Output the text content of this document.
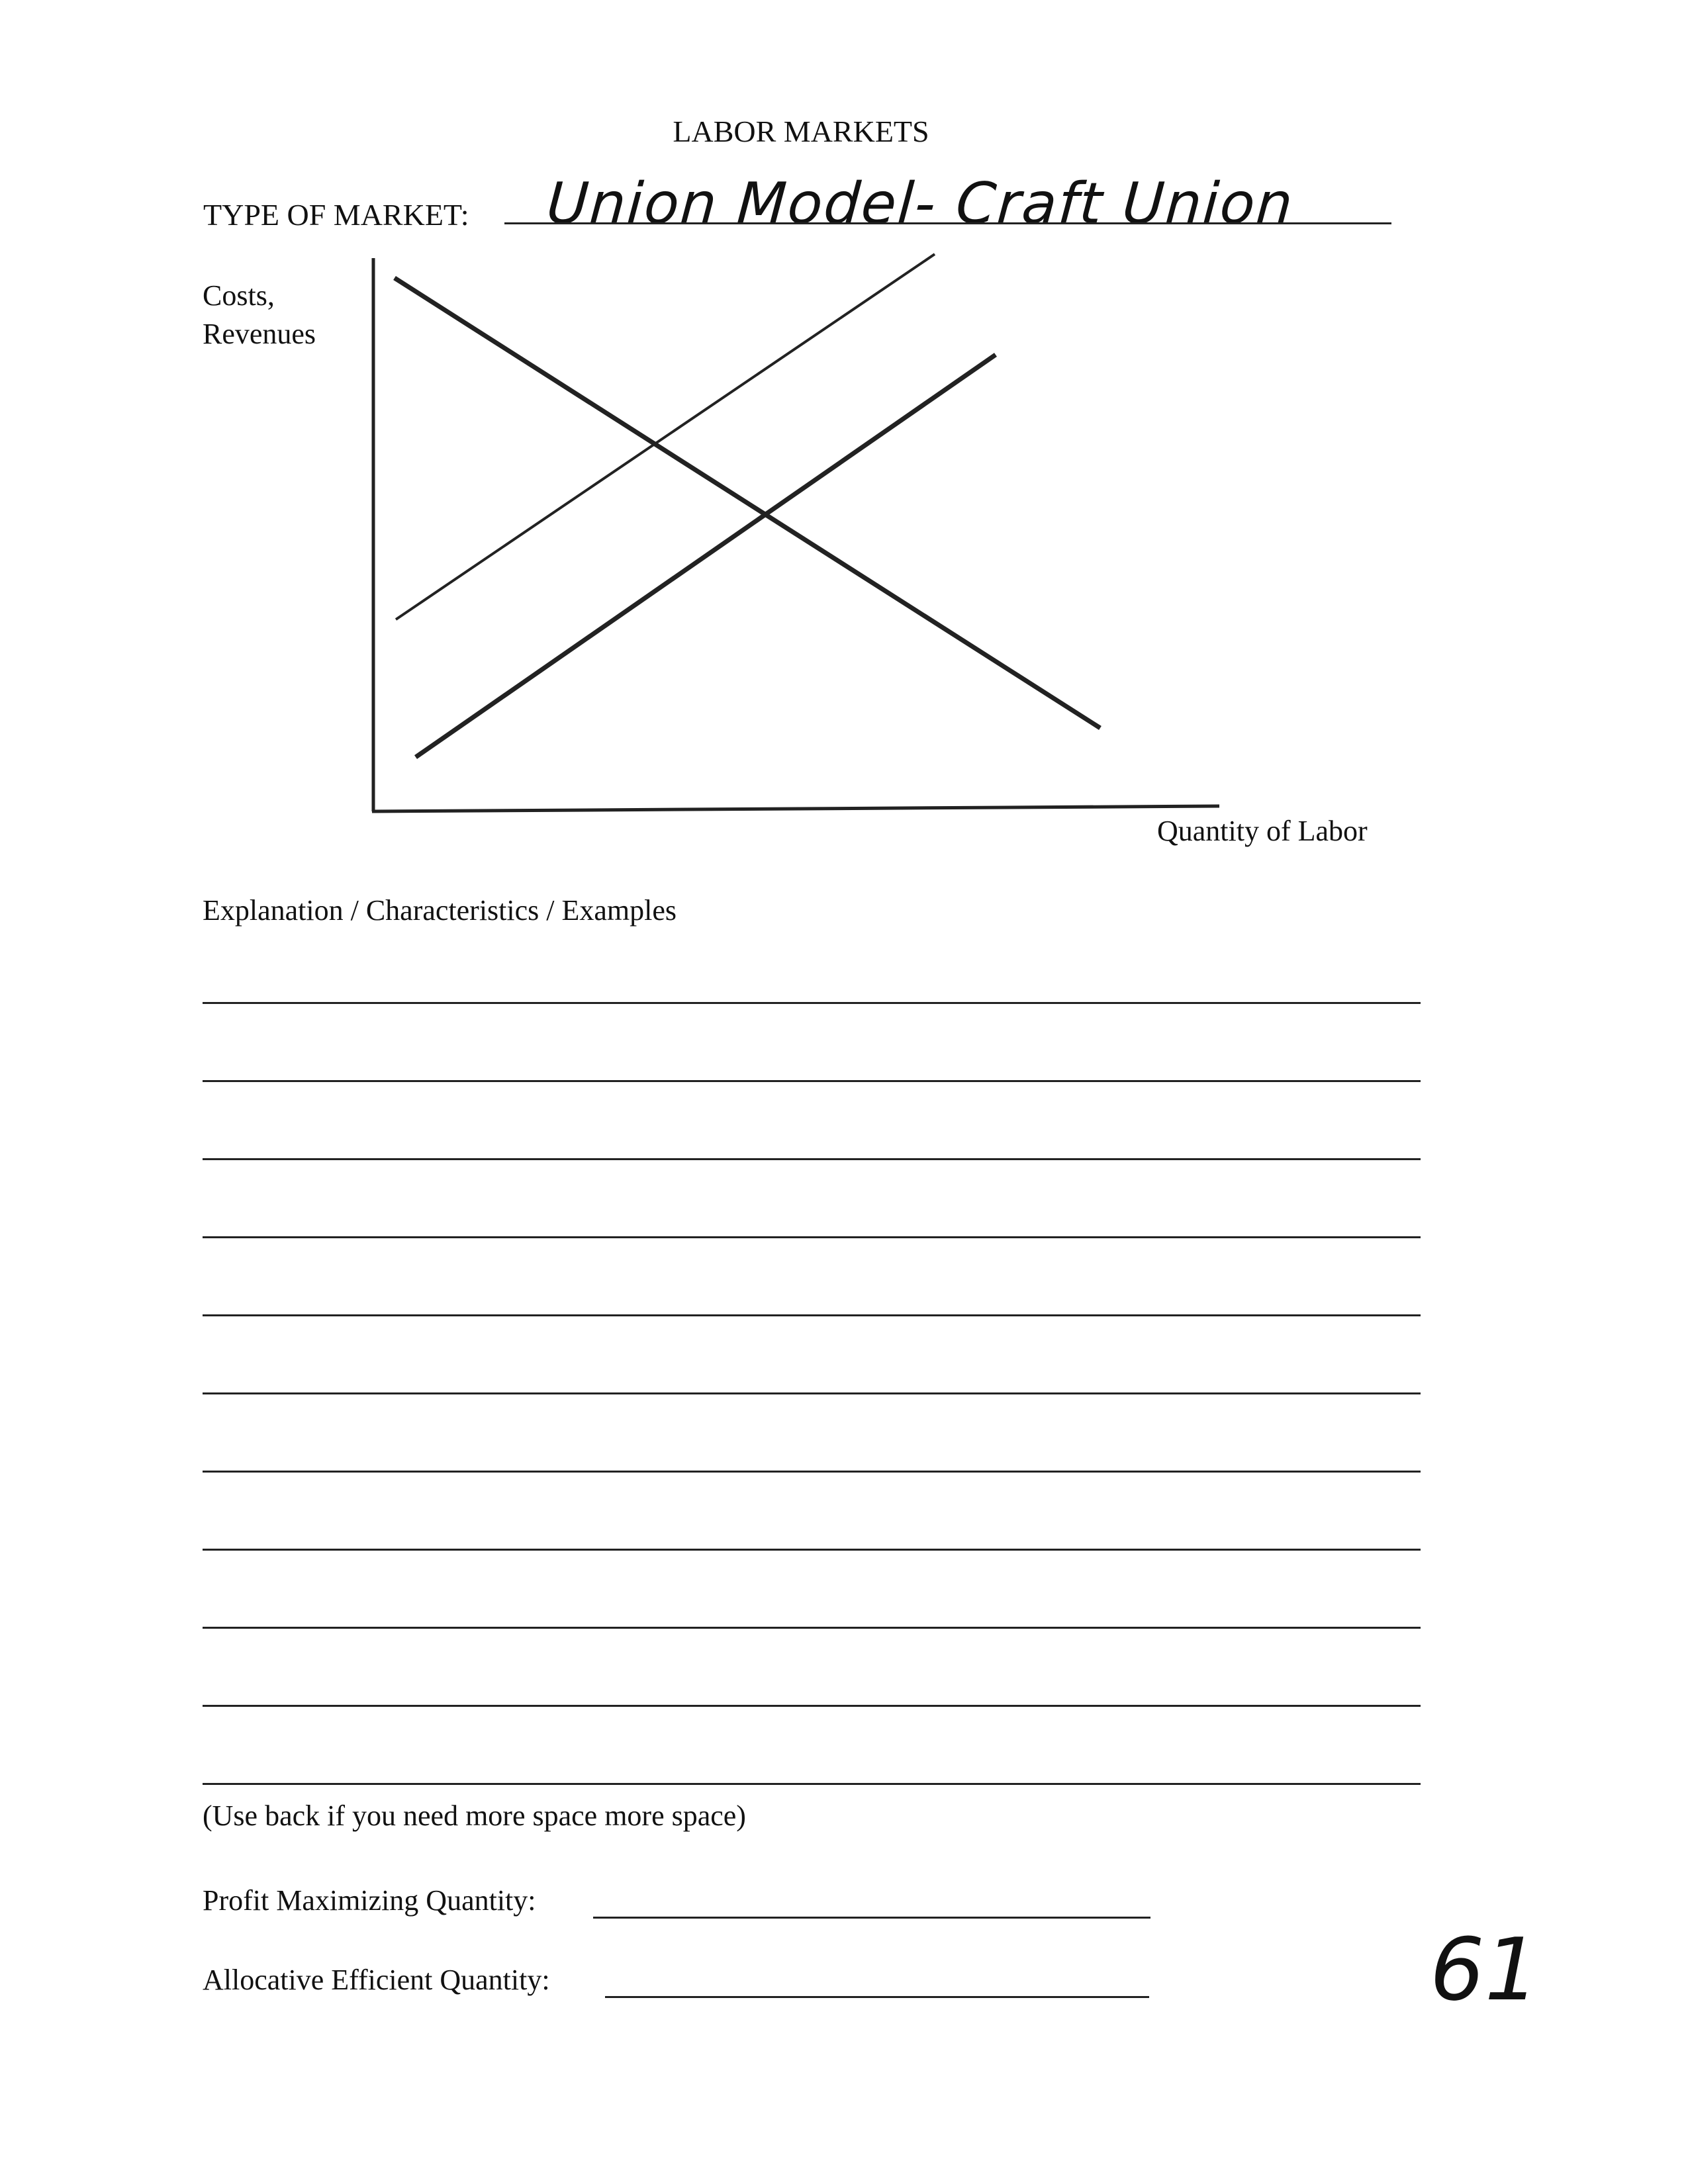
LABOR MARKETS
TYPE OF MARKET: Union Model- Craft Union
Costs,
Revenues
Quantity of Labor
Explanation / Characteristics / Examples
(Use back if you need more space more space)
Profit Maximizing Quantity:
Allocative Efficient Quantity:	61
